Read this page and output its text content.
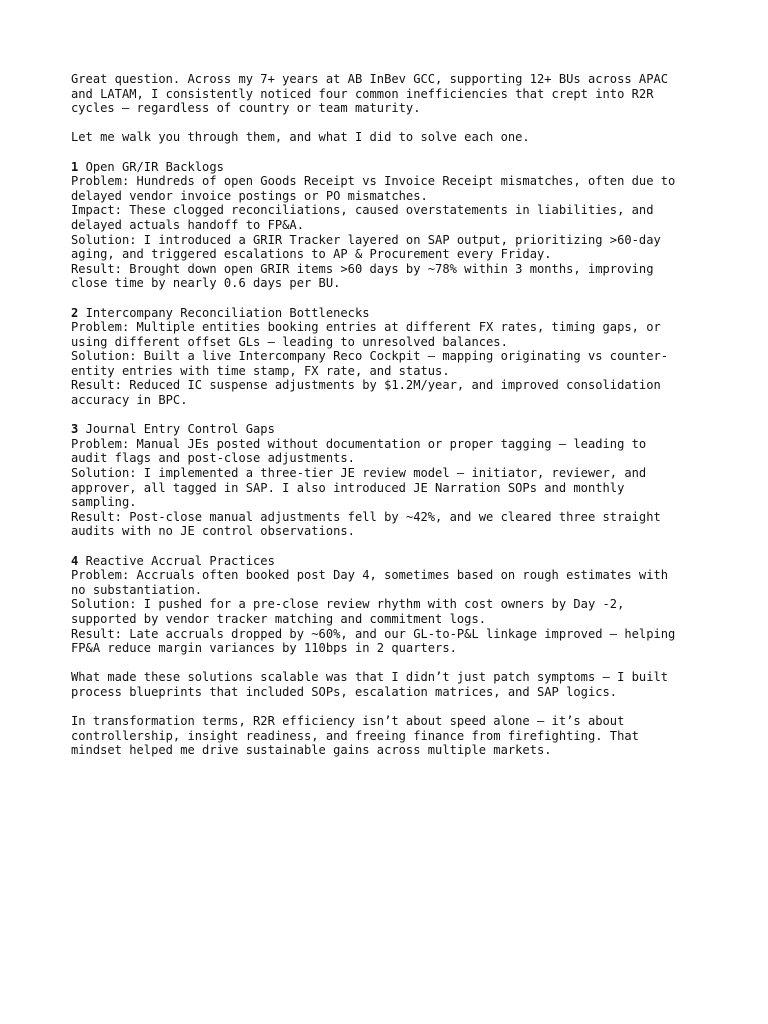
Great question. Across my 7+ years at AB InBev GCC, supporting 12+ BUs across APAC
and LATAM, I consistently noticed four common inefficiencies that crept into R2R
cycles — regardless of country or team maturity.

Let me walk you through them, and what I did to solve each one.

1 Open GR/IR Backlogs

Problem: Hundreds of open Goods Receipt vs Invoice Receipt mismatches, often due to
delayed vendor invoice postings or PO mismatches.

Impact: These clogged reconciliations, caused overstatements in liabilities, and
delayed actuals handoff to FP&A.

Solution: I introduced a GRIR Tracker layered on SAP output, prioritizing >60-day
aging, and triggered escalations to AP & Procurement every Friday.

Result: Brought down open GRIR items >60 days by ~78% within 3 months, improving
close time by nearly 0.6 days per BU.

2 Intercompany Reconciliation Bottlenecks

Problem: Multiple entities booking entries at different FX rates, timing gaps, or
using different offset GLs — leading to unresolved balances.

Solution: Built a live Intercompany Reco Cockpit — mapping originating vs counter-
entity entries with time stamp, FX rate, and status.

Result: Reduced IC suspense adjustments by $1.2M/year, and improved consolidation
accuracy in BPC.

3 Journal Entry Control Gaps

Problem: Manual JEs posted without documentation or proper tagging — leading to
audit flags and post-close adjustments.

Solution: I implemented a three-tier JE review model — initiator, reviewer, and
approver, all tagged in SAP. I also introduced JE Narration SOPs and monthly
sampling.

Result: Post-close manual adjustments fell by ~42%, and we cleared three straight
audits with no JE control observations.

4 Reactive Accrual Practices

Problem: Accruals often booked post Day 4, sometimes based on rough estimates with
no substantiation.

Solution: I pushed for a pre-close review rhythm with cost owners by Day -2,
supported by vendor tracker matching and commitment logs.

Result: Late accruals dropped by ~60%, and our GL-to-P&L linkage improved — helping
FP&A reduce margin variances by 110bps in 2 quarters.

What made these solutions scalable was that I didn’t just patch symptoms — I built
process blueprints that included SOPs, escalation matrices, and SAP logics.

In transformation terms, R2R efficiency isn’t about speed alone — it’s about
controllership, insight readiness, and freeing finance from firefighting. That
mindset helped me drive sustainable gains across multiple markets.
